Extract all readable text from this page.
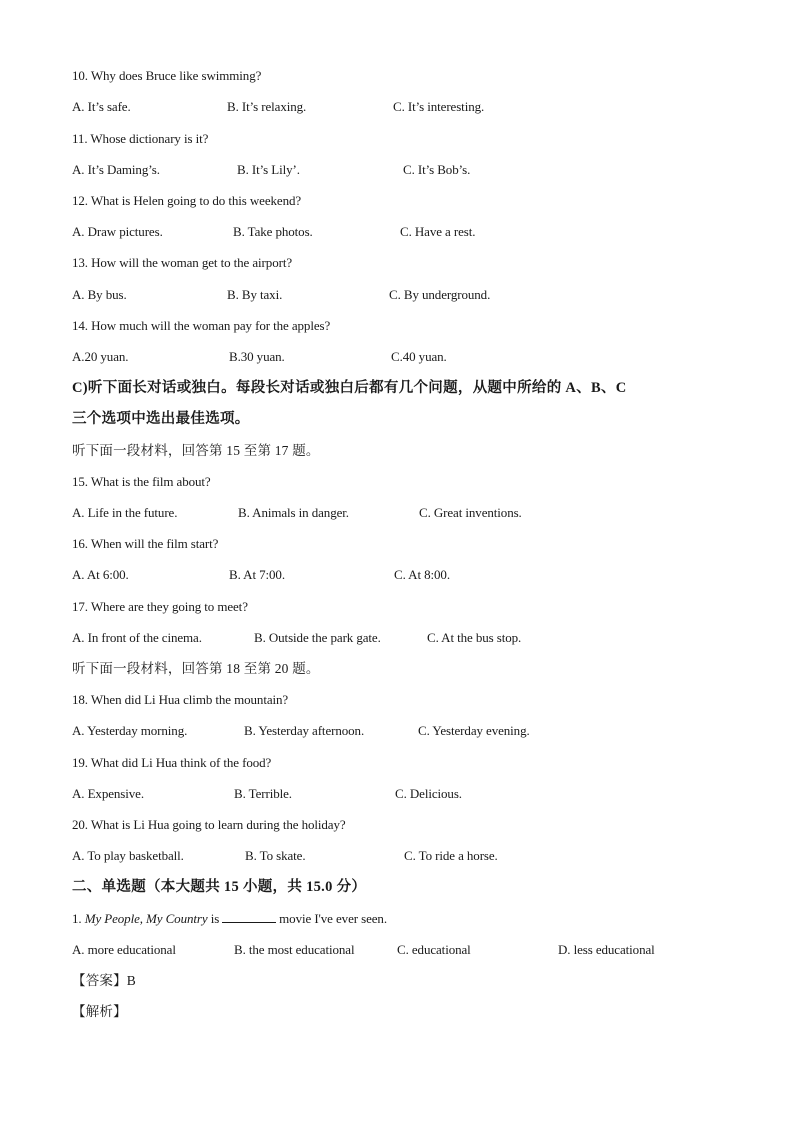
10. Why does Bruce like swimming?
A. It’s safe.	B. It’s relaxing.	C. It’s interesting.
11. Whose dictionary is it?
A. It’s Daming’s.	B. It’s Lily’.	C. It’s Bob’s.
12. What is Helen going to do this weekend?
A. Draw pictures.	B. Take photos.	C. Have a rest.
13. How will the woman get to the airport?
A. By bus.	B. By taxi.	C. By underground.
14. How much will the woman pay for the apples?
A.20 yuan.	B.30 yuan.	C.40 yuan.
C)听下面长对话或独白。每段长对话或独白后都有几个问题，从题中所给的 A、B、C
三个选项中选出最佳选项。
听下面一段材料，回答第 15 至第 17 题。
15. What is the film about?
A. Life in the future.	B. Animals in danger.	C. Great inventions.
16. When will the film start?
A. At 6:00.	B. At 7:00.	C. At 8:00.
17. Where are they going to meet?
A. In front of the cinema.	B. Outside the park gate.	C. At the bus stop.
听下面一段材料，回答第 18 至第 20 题。
18. When did Li Hua climb the mountain?
A. Yesterday morning.	B. Yesterday afternoon.	C. Yesterday evening.
19. What did Li Hua think of the food?
A. Expensive.	B. Terrible.	C. Delicious.
20. What is Li Hua going to learn during the holiday?
A. To play basketball.	B. To skate.	C. To ride a horse.
二、单选题（本大题共 15 小题，共 15.0 分）
1. My People, My Country is	movie I've ever seen.
A. more educational	B. the most educational	C. educational	D. less educational
【答案】B
【解析】
